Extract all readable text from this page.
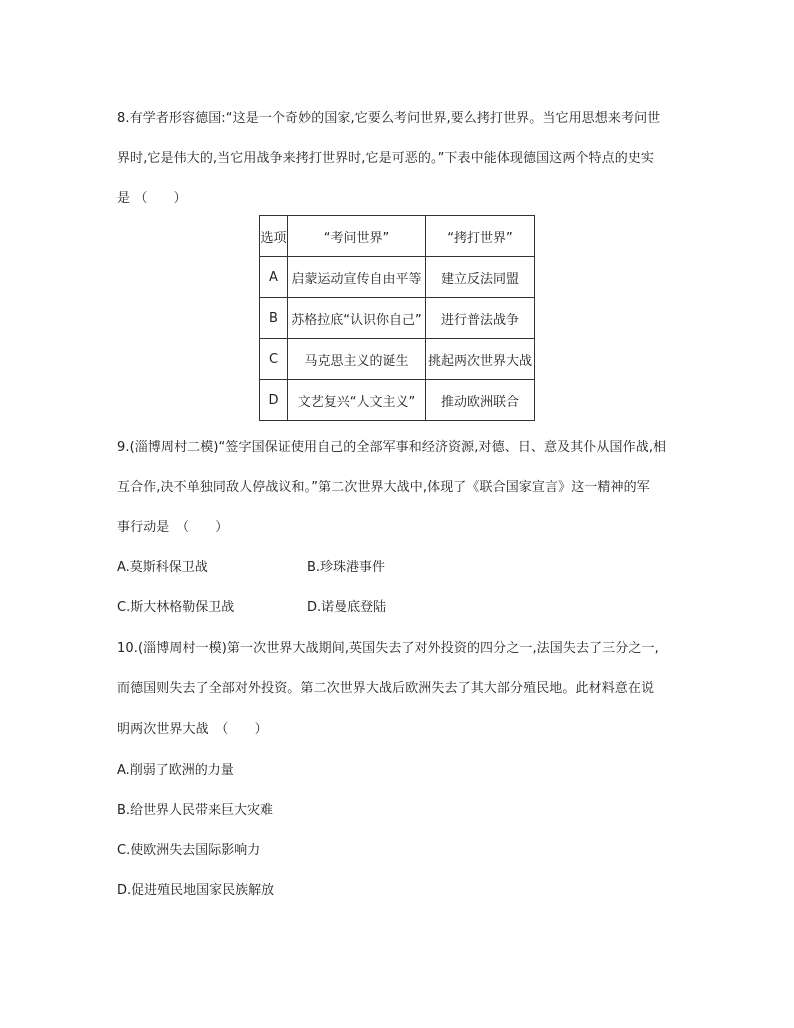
8.有学者形容德国:“这是一个奇妙的国家,它要么考问世界,要么拷打世界。当它用思想来考问世
界时,它是伟大的,当它用战争来拷打世界时,它是可恶的。”下表中能体现德国这两个特点的史实
是 （　　）
选项	“考问世界”	“拷打世界”
A	启蒙运动宣传自由平等	建立反法同盟
B	苏格拉底“认识你自己”	进行普法战争
C	马克思主义的诞生	挑起两次世界大战
D	文艺复兴“人文主义”	推动欧洲联合
9.(淄博周村二模)“签字国保证使用自己的全部军事和经济资源,对德、日、意及其仆从国作战,相
互合作,决不单独同敌人停战议和。”第二次世界大战中,体现了《联合国家宣言》这一精神的军
事行动是　（　　）
A.莫斯科保卫战	B.珍珠港事件
C.斯大林格勒保卫战	D.诺曼底登陆
10.(淄博周村一模)第一次世界大战期间,英国失去了对外投资的四分之一,法国失去了三分之一,
而德国则失去了全部对外投资。第二次世界大战后欧洲失去了其大部分殖民地。此材料意在说
明两次世界大战　（　　）
A.削弱了欧洲的力量
B.给世界人民带来巨大灾难
C.使欧洲失去国际影响力
D.促进殖民地国家民族解放
